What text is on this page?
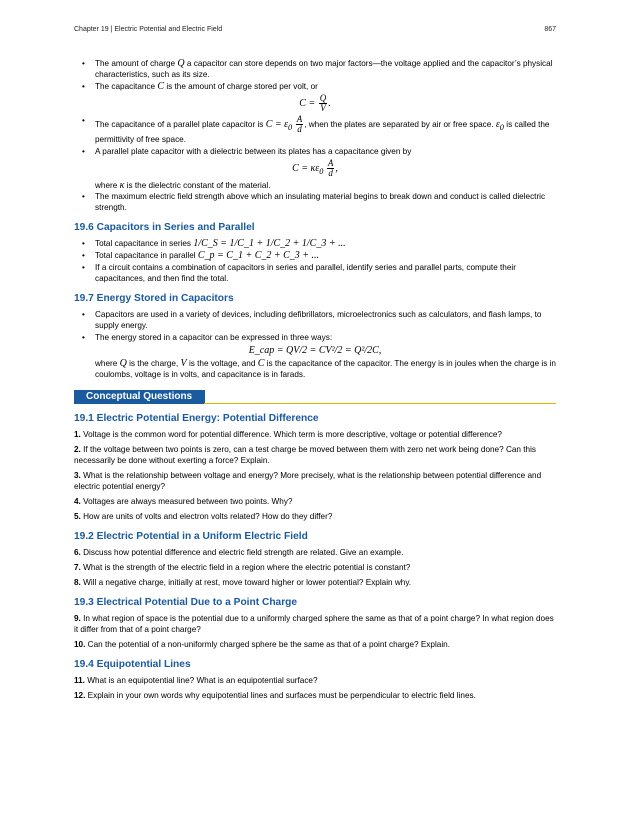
Chapter 19 | Electric Potential and Electric Field	867
• The amount of charge Q a capacitor can store depends on two major factors—the voltage applied and the capacitor’s physical characteristics, such as its size.
• The capacitance C is the amount of charge stored per volt, or
$C = \frac{Q}{V}$ .
• The capacitance of a parallel plate capacitor is $C = \varepsilon_0 \frac{A}{d}$ , when the plates are separated by air or free space. $\varepsilon_0$ is called the permittivity of free space.
• A parallel plate capacitor with a dielectric between its plates has a capacitance given by
$C = \kappa\varepsilon_0 \frac{A}{d}$ ,
where κ is the dielectric constant of the material.
• The maximum electric field strength above which an insulating material begins to break down and conduct is called dielectric strength.
19.6 Capacitors in Series and Parallel
• Total capacitance in series 1/C_S = 1/C_1 + 1/C_2 + 1/C_3 + ...
• Total capacitance in parallel C_p = C_1 + C_2 + C_3 + ...
• If a circuit contains a combination of capacitors in series and parallel, identify series and parallel parts, compute their capacitances, and then find the total.
19.7 Energy Stored in Capacitors
• Capacitors are used in a variety of devices, including defibrillators, microelectronics such as calculators, and flash lamps, to supply energy.
• The energy stored in a capacitor can be expressed in three ways:
E_cap = QV/2 = CV²/2 = Q²/2C,
where Q is the charge, V is the voltage, and C is the capacitance of the capacitor. The energy is in joules when the charge is in coulombs, voltage is in volts, and capacitance is in farads.
Conceptual Questions
19.1 Electric Potential Energy: Potential Difference
1. Voltage is the common word for potential difference. Which term is more descriptive, voltage or potential difference?
2. If the voltage between two points is zero, can a test charge be moved between them with zero net work being done? Can this necessarily be done without exerting a force? Explain.
3. What is the relationship between voltage and energy? More precisely, what is the relationship between potential difference and electric potential energy?
4. Voltages are always measured between two points. Why?
5. How are units of volts and electron volts related? How do they differ?
19.2 Electric Potential in a Uniform Electric Field
6. Discuss how potential difference and electric field strength are related. Give an example.
7. What is the strength of the electric field in a region where the electric potential is constant?
8. Will a negative charge, initially at rest, move toward higher or lower potential? Explain why.
19.3 Electrical Potential Due to a Point Charge
9. In what region of space is the potential due to a uniformly charged sphere the same as that of a point charge? In what region does it differ from that of a point charge?
10. Can the potential of a non-uniformly charged sphere be the same as that of a point charge? Explain.
19.4 Equipotential Lines
11. What is an equipotential line? What is an equipotential surface?
12. Explain in your own words why equipotential lines and surfaces must be perpendicular to electric field lines.
